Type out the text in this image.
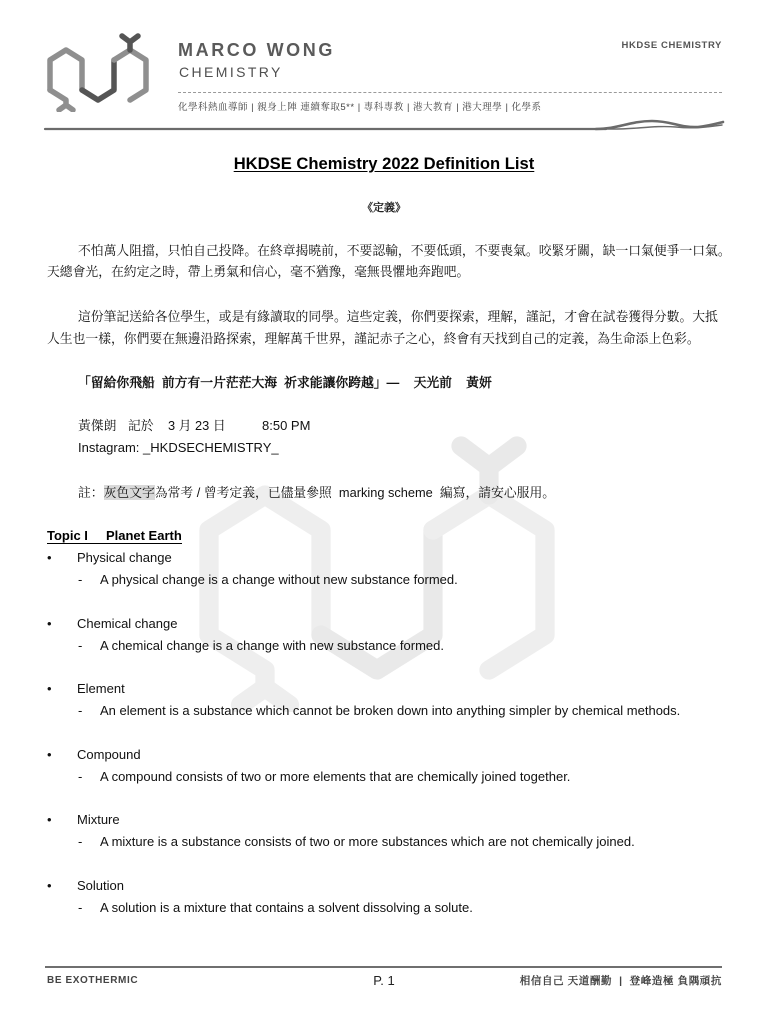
MARCO WONG
CHEMISTRY
HKDSE CHEMISTRY
化學科熱血導師 | 親身上陣 連續奪取5** | 專科專教 | 港大教育 | 港大理學 | 化學系
HKDSE Chemistry 2022 Definition List
《定義》
不怕萬人阻擋，只怕自己投降。在終章揭曉前，不要認輸，不要低頭，不要喪氣。咬緊牙關，缺一口氣便爭一口氣。
天總會光，在約定之時，帶上勇氣和信心，毫不猶豫，毫無畏懼地奔跑吧。
這份筆記送給各位學生，或是有緣讀取的同學。這些定義，你們要探索，理解，謹記，才會在試卷獲得分數。大抵
人生也一樣，你們要在無邊沿路探索，理解萬千世界，謹記赤子之心，終會有天找到自己的定義，為生命添上色彩。
「留給你飛船  前方有一片茫茫大海  祈求能讓你跨越」—    天光前    黃妍
黃傑朗 記於 3 月 23 日	8:50 PM
Instagram: _HKDSECHEMISTRY_
註：灰色文字為常考 / 曾考定義，已儘量參照  marking scheme  編寫，請安心服用。
Topic I Planet Earth
• Physical change
- A physical change is a change without new substance formed.
• Chemical change
- A chemical change is a change with new substance formed.
• Element
- An element is a substance which cannot be broken down into anything simpler by chemical methods.
• Compound
- A compound consists of two or more elements that are chemically joined together.
• Mixture
- A mixture is a substance consists of two or more substances which are not chemically joined.
• Solution
- A solution is a mixture that contains a solvent dissolving a solute.
BE EXOTHERMIC	P. 1	相信自己 天道酬勤  |  登峰造極 負隅頑抗
